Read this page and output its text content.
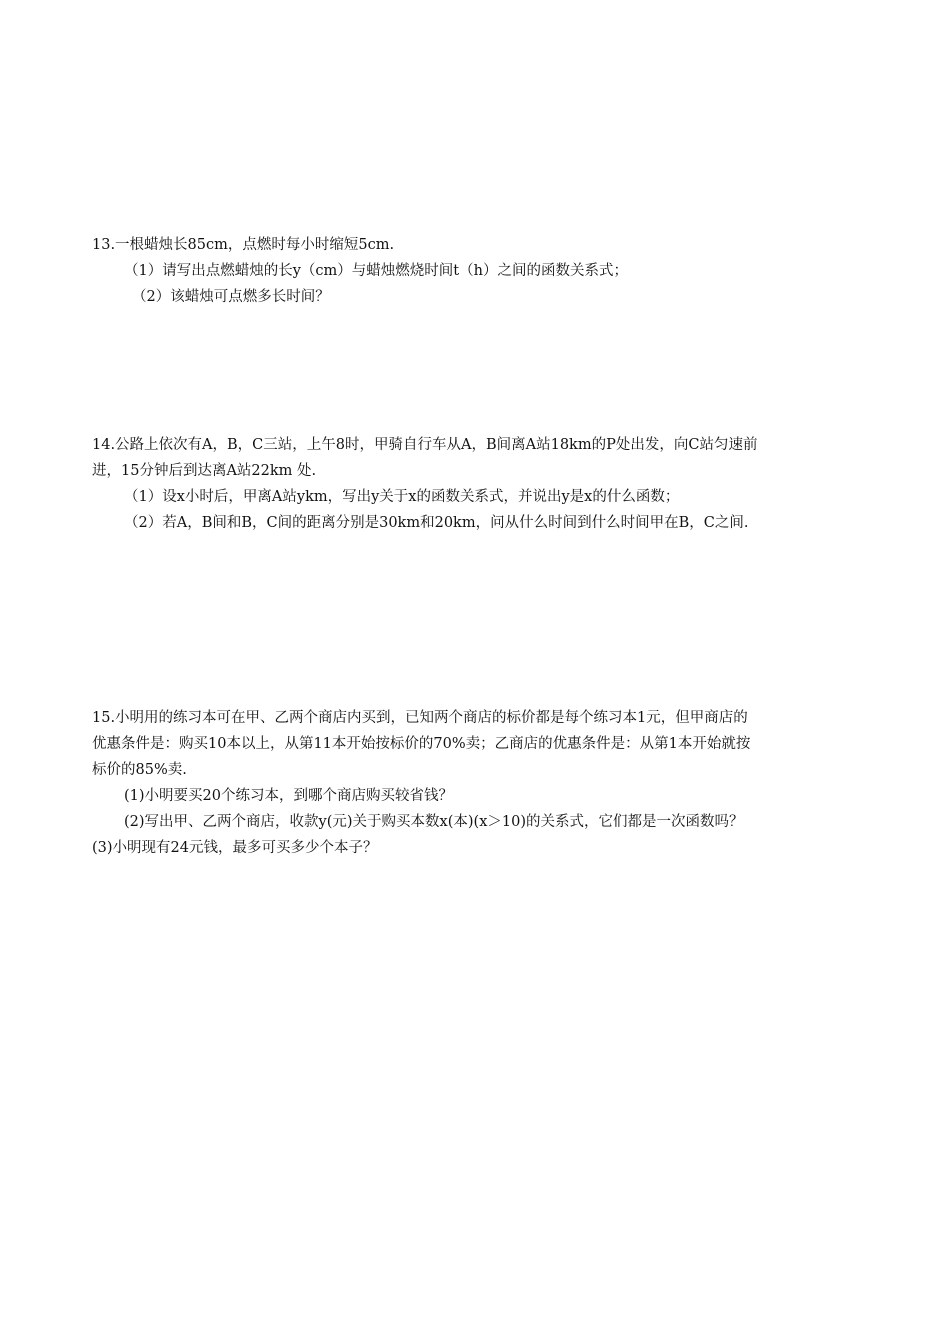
13.一根蜡烛长85cm，点燃时每小时缩短5cm.
（1）请写出点燃蜡烛的长y（cm）与蜡烛燃烧时间t（h）之间的函数关系式；
（2）该蜡烛可点燃多长时间？
14.公路上依次有A，B，C三站，上午8时，甲骑自行车从A，B间离A站18km的P处出发，向C站匀速前
进，15分钟后到达离A站22km 处.
（1）设x小时后，甲离A站ykm，写出y关于x的函数关系式，并说出y是x的什么函数；
（2）若A，B间和B，C间的距离分别是30km和20km，问从什么时间到什么时间甲在B，C之间.
15.小明用的练习本可在甲、乙两个商店内买到，已知两个商店的标价都是每个练习本1元，但甲商店的
优惠条件是：购买10本以上，从第11本开始按标价的70%卖；乙商店的优惠条件是：从第1本开始就按
标价的85%卖.
(1)小明要买20个练习本，到哪个商店购买较省钱？
(2)写出甲、乙两个商店，收款y(元)关于购买本数x(本)(x＞10)的关系式，它们都是一次函数吗？
(3)小明现有24元钱，最多可买多少个本子？
